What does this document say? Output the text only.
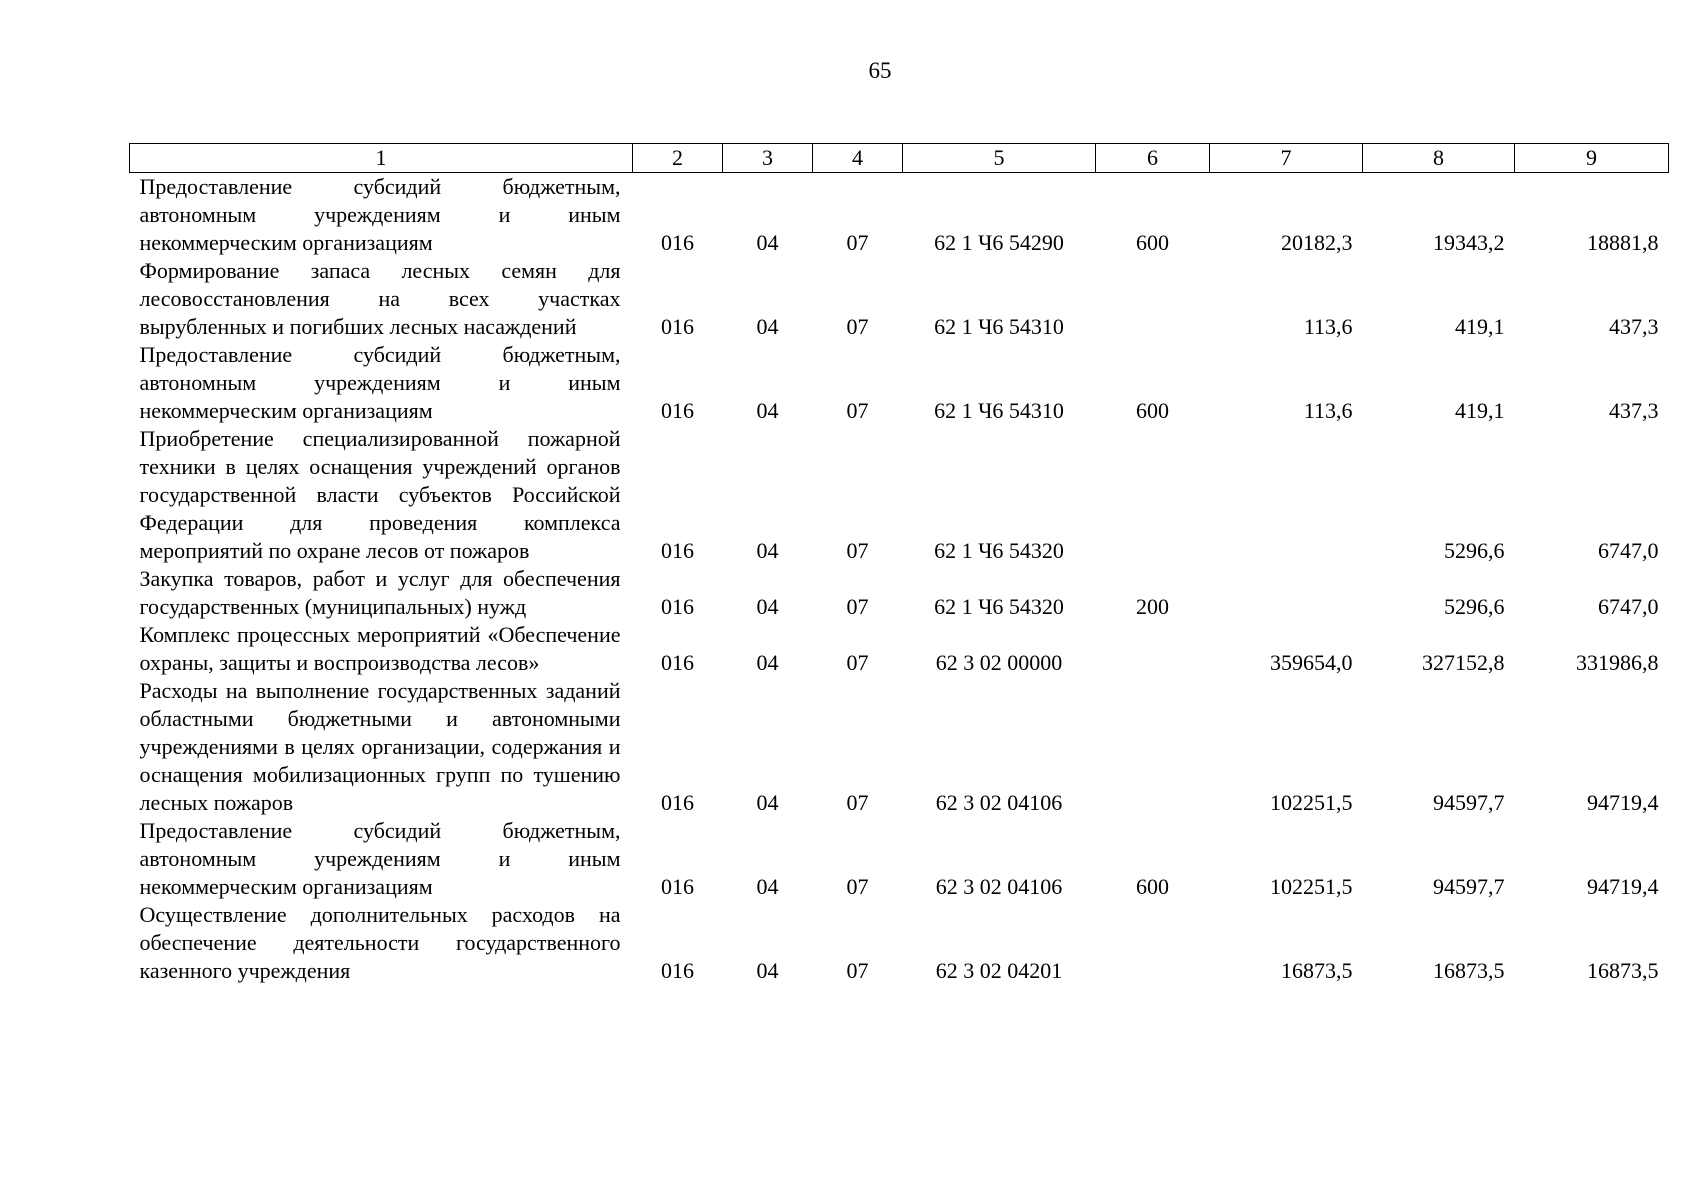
65
1	2	3	4	5	6	7	8	9
Предоставление субсидий бюджетным, автономным учреждениям и иным некоммерческим организациям	016	04	07	62 1 Ч6 54290	600	20182,3	19343,2	18881,8
Формирование запаса лесных семян для лесовосстановления на всех участках вырубленных и погибших лесных насаждений	016	04	07	62 1 Ч6 54310		113,6	419,1	437,3
Предоставление субсидий бюджетным, автономным учреждениям и иным некоммерческим организациям	016	04	07	62 1 Ч6 54310	600	113,6	419,1	437,3
Приобретение специализированной пожарной техники в целях оснащения учреждений органов государственной власти субъектов Российской Федерации для проведения комплекса мероприятий по охране лесов от пожаров	016	04	07	62 1 Ч6 54320			5296,6	6747,0
Закупка товаров, работ и услуг для обеспечения государственных (муниципальных) нужд	016	04	07	62 1 Ч6 54320	200		5296,6	6747,0
Комплекс процессных мероприятий «Обеспечение охраны, защиты и воспроизводства лесов»	016	04	07	62 3 02 00000		359654,0	327152,8	331986,8
Расходы на выполнение государственных заданий областными бюджетными и автономными учреждениями в целях организации, содержания и оснащения мобилизационных групп по тушению лесных пожаров	016	04	07	62 3 02 04106		102251,5	94597,7	94719,4
Предоставление субсидий бюджетным, автономным учреждениям и иным некоммерческим организациям	016	04	07	62 3 02 04106	600	102251,5	94597,7	94719,4
Осуществление дополнительных расходов на обеспечение деятельности государственного казенного учреждения	016	04	07	62 3 02 04201		16873,5	16873,5	16873,5
